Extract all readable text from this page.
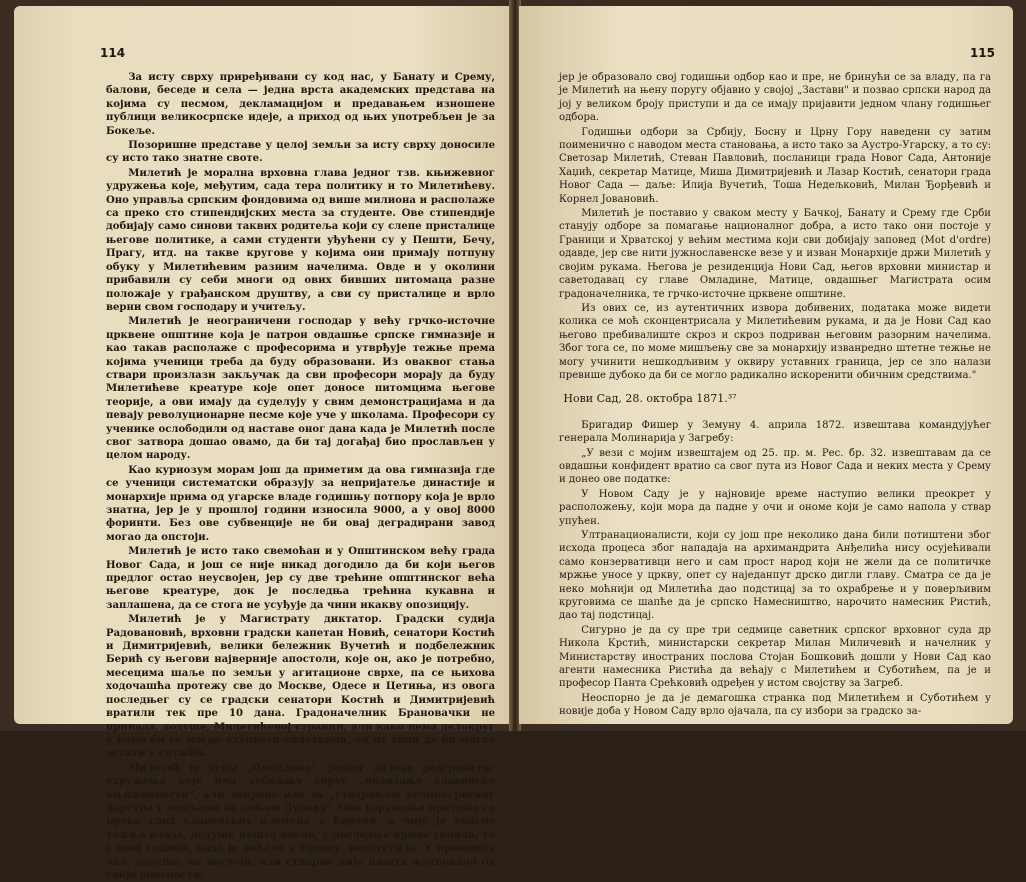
114

За исту сврху приређивани су код нас, у Банату и Срему, балови, беседе и села — једна врста академских представа на којима су песмом, декламацијом и предавањем изношене публици великосрпске идеје, а приход од њих употребљен је за Бокеље.

Позоришне представе у целој земљи за исту сврху доносиле су исто тако знатне своте.

Милетић је морална врховна глава једног тзв. књижевног удружења које, међутим, сада тера политику и то Милетићеву. Оно управља српским фондовима од више милиона и располаже са преко сто стипендијских места за студенте. Ове стипендије добијају само синови таквих родитеља који су слепе присталице његове политике, а сами студенти уђућени су у Пешти, Бечу, Прагу, итд. на такве кругове у којима они примају потпуну обуку у Милетићевим разним начелима. Овде и у околини прибавили су себи многи од ових бивших питомаца разне положаје у грађанском друштву, а сви су присталице и врло верни свом господару и учитељу.

Милетић је неограничени господар у већу грчко-источне црквене општине која је патрон овдашње српске гимназије и као такав располаже с професорима и утврђује тежње према којима ученици треба да буду образовани. Из оваквог стања ствари произлази закључак да сви професори морају да буду Милетићеве креатуре које опет доносе питомцима његове теорије, а ови имају да суделују у свим демонстрацијама и да певају револуционарне песме које уче у школама. Професори су ученике ослободили од наставе оног дана када је Милетић после свог затвора дошао овамо, да би тај догађај био прослављен у целом народу.

Као куриозум морам још да приметим да ова гимназија где се ученици систематски образују за непријатеље династије и монархије прима од угарске владе годишњу потпору која је врло знатна, јер је у прошлој години износила 9000, а у овој 8000 форинти. Без ове субвенције не би овај деградирани завод могао да опстоји.

Милетић је исто тако свемоћан и у Општинском већу града Новог Сада, и још се није никад догодило да би који његов предлог остао неусвојен, јер су две трећине општинског већа његове креатуре, док је последња трећина кукавна и заплашена, да се стога не усуђује да чини икакву опозицију.

Милетић је у Магистрату диктатор. Градски судија Радовановић, врховни градски капетан Новић, сенатори Костић и Димитријевић, велики бележник Вучетић и подбележник Берић су његови најверније апостоли, које он, ако је потребно, месецима шаље по земљи у агитационе сврхе, па се њихова ходочашћа протежу све до Москве, Одесе и Цетиња, из овога последњег су се градски сенатори Костић и Димитријевић вратили тек пре 10 дана. Градоначелник Брановачки не припада, додуше, Милетићевој странци, али како нема делокруг у коме би се могао одупрети сплеткама, он их трпи да би могао остати у служби.

Милетић је душа „Омладине", једног далеко разгранатог удружења које има тобожњу сврху „подизање славенске књижевности", али заправо иде за „стварањем великосрпског царства у земљама на доњем Дунаву". Ово удружење протеже се преко свих славенских племена у Европи, а чије је опасне тежње влада, додуше нешто касно, у последње време уочила, те у овој години, када је већало у Вршцу, распустила. У принципу оно, додуше, не постоји, али стварно није ништа жртвовало од своје опасности,

115

јер је образовало свој годишњи одбор као и пре, не бринући се за владу, па га је Милетић на њену поругу објавио у својој „Застави" и позвао српски народ да јој у великом броју приступи и да се имају пријавити једном члану годишњег одбора.

Годишњи одбори за Србију, Босну и Црну Гору наведени су затим поименично с наводом места становања, а исто тако за Аустро-Угарску, а то су: Светозар Милетић, Стеван Павловић, посланици града Новог Сада, Антоније Хаџић, секретар Матице, Миша Димитријевић и Лазар Костић, сенатори града Новог Сада — даље: Илија Вучетић, Тоша Недељковић, Милан Ђорђевић и Корнел Јовановић.

Милетић је поставио у сваком месту у Бачкој, Банату и Срему где Срби станују одборе за помагање националног добра, а исто тако они постоје у Граници и Хрватској у већим местима који сви добијају заповед (Mot d'ordre) одавде, јер све нити јужнославенске везе у и изван Монархије држи Милетић у својим рукама. Његова је резиденција Нови Сад, његов врховни министар и саветодавац су главе Омладине, Матице, овдашњег Магистрата осим градоначелника, те грчко-источне црквене општине.

Из ових се, из аутентичних извора добивених, података може видети колика се моћ сконцентрисала у Милетићевим рукама, и да је Нови Сад као његово пребивалиште скроз и скроз подриван његовим разорним начелима. Због тога се, по моме мишљењу све за монархију изванредно штетне тежње не могу учинити нешкодљивим у оквиру уставних граница, јер се зло налази превише дубоко да би се могло радикално искоренити обичним средствима."

Нови Сад, 28. октобра 1871.³⁷

Бригадир Фишер у Земуну 4. априла 1872. извештава командујућег генерала Молинарија у Загребу:

„У вези с мојим извештајем од 25. пр. м. Рес. бр. 32. извештавам да се овдашњи конфидент вратио са свог пута из Новог Сада и неких места у Срему и донео ове податке:

У Новом Саду је у најновије време наступио велики преокрет у расположењу, који мора да падне у очи и ономе који је само напола у ствар упућен.

Ултранационалисти, који су још пре неколико дана били потиштени због исхода процеса због нападаја на архимандрита Анђелића нису осујећивали само конзервативци него и сам прост народ који не жели да се политичке мржње уносе у цркву, опет су наједанпут дрско дигли главу. Сматра се да је неко моћнији од Милетића дао подстицај за то охрабрење и у поверљивим круговима се шапће да је српско Намесништво, нарочито намесник Ристић, дао тај подстицај.

Сигурно је да су пре три седмице саветник српског врховног суда др Никола Крстић, министарски секретар Милан Миличевић и начелник у Министарству иностраних послова Стојан Бошковић дошли у Нови Сад као агенти намесника Ристића да већају с Милетићем и Суботићем, па је и професор Панта Срећковић одређен у истом својству за Загреб.

Неоспорно је да је демагошка странка под Милетићем и Суботићем у новије доба у Новом Саду врло ојачала, па су избори за градско за-
